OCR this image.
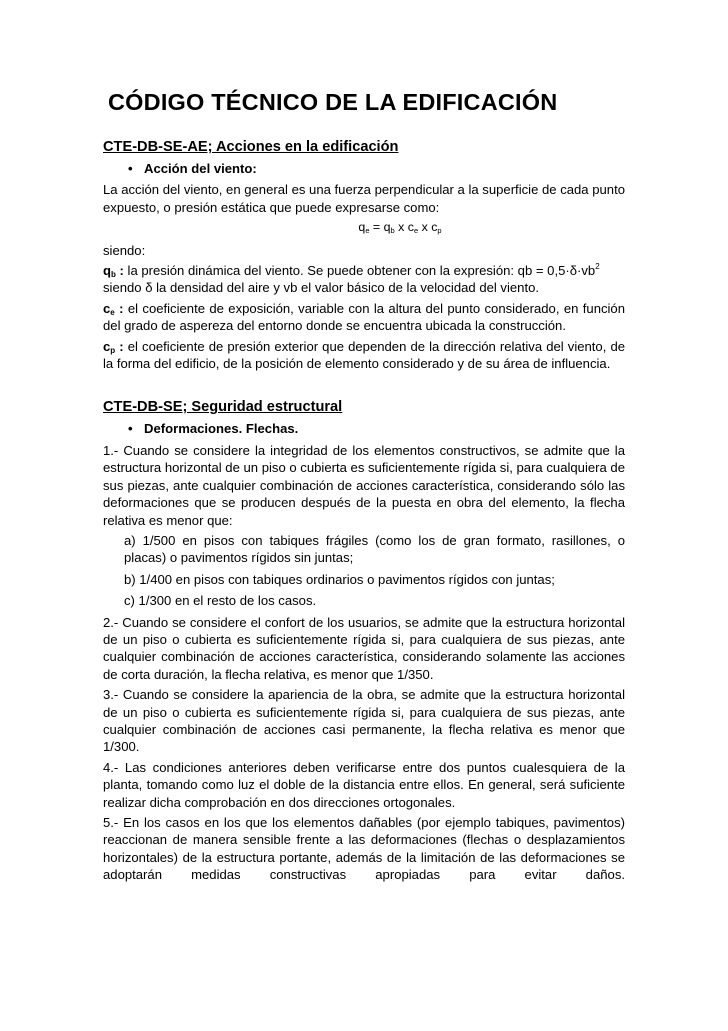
CÓDIGO TÉCNICO DE LA EDIFICACIÓN
CTE-DB-SE-AE; Acciones en la edificación
• Acción del viento:

La acción del viento, en general es una fuerza perpendicular a la superficie de cada punto expuesto, o presión estática que puede expresarse como:

$q_e = q_b$ x $c_e$ x $c_p$

siendo:

$q_b$ : la presión dinámica del viento. Se puede obtener con la expresión: qb = $0,5\cdot\delta\cdot vb^2$
siendo δ la densidad del aire y vb el valor básico de la velocidad del viento.

$c_e$ : el coeficiente de exposición, variable con la altura del punto considerado, en función del grado de aspereza del entorno donde se encuentra ubicada la construcción.

$c_p$ : el coeficiente de presión exterior que dependen de la dirección relativa del viento, de la forma del edificio, de la posición de elemento considerado y de su área de influencia.

CTE-DB-SE; Seguridad estructural
• Deformaciones. Flechas.

1.- Cuando se considere la integridad de los elementos constructivos, se admite que la estructura horizontal de un piso o cubierta es suficientemente rígida si, para cualquiera de sus piezas, ante cualquier combinación de acciones característica, considerando sólo las deformaciones que se producen después de la puesta en obra del elemento, la flecha relativa es menor que:

a) 1/500 en pisos con tabiques frágiles (como los de gran formato, rasillones, o placas) o pavimentos rígidos sin juntas;

b) 1/400 en pisos con tabiques ordinarios o pavimentos rígidos con juntas;

c) 1/300 en el resto de los casos.

2.- Cuando se considere el confort de los usuarios, se admite que la estructura horizontal de un piso o cubierta es suficientemente rígida si, para cualquiera de sus piezas, ante cualquier combinación de acciones característica, considerando solamente las acciones de corta duración, la flecha relativa, es menor que 1/350.

3.- Cuando se considere la apariencia de la obra, se admite que la estructura horizontal de un piso o cubierta es suficientemente rígida si, para cualquiera de sus piezas, ante cualquier combinación de acciones casi permanente, la flecha relativa es menor que 1/300.

4.- Las condiciones anteriores deben verificarse entre dos puntos cualesquiera de la planta, tomando como luz el doble de la distancia entre ellos. En general, será suficiente realizar dicha comprobación en dos direcciones ortogonales.

5.- En los casos en los que los elementos dañables (por ejemplo tabiques, pavimentos) reaccionan de manera sensible frente a las deformaciones (flechas o desplazamientos horizontales) de la estructura portante, además de la limitación de las deformaciones se adoptarán medidas constructivas apropiadas para evitar daños.
